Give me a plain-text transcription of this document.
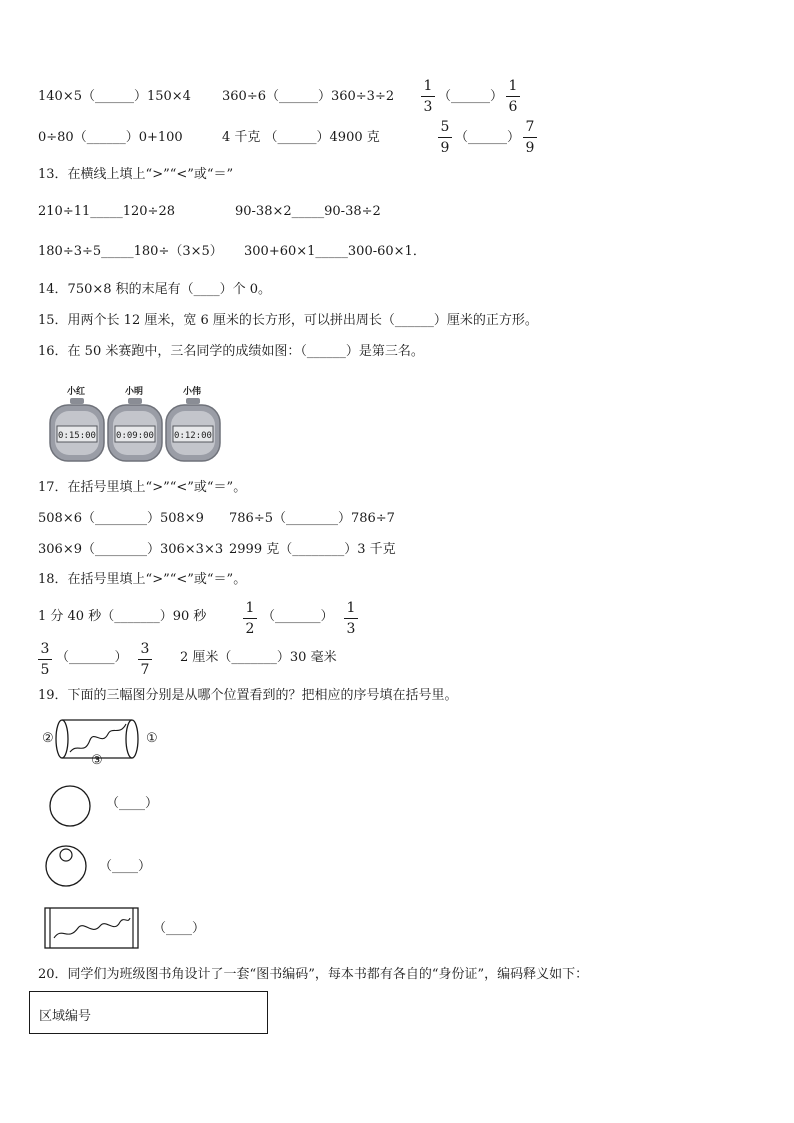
140×5（______）150×4 360÷6（______）360÷3÷2
1
3
（______）
1
6
0÷80（______）0+100	4 千克 （______）4900 克
5
9
（______）
7
9
13．在横线上填上“>”“<”或“＝”
210÷11_____120÷28	90-38×2_____90-38÷2
180÷3÷5_____180÷（3×5） 300+60×1_____300-60×1．
14．750×8 积的末尾有（____）个 0。
15．用两个长 12 厘米，宽 6 厘米的长方形，可以拼出周长（______）厘米的正方形。
16．在 50 米赛跑中，三名同学的成绩如图：（______）是第三名。
小红
0:15:00
小明
0:09:00
小伟
0:12:00
17．在括号里填上“>”“<”或“＝”。
508×6（________）508×9 786÷5（________）786÷7
306×9（________）306×3×3 2999 克（________）3 千克
18．在括号里填上“>”“<”或“＝”。
1 分 40 秒（_______）90 秒
1
2
（_______）
1
3
3
5
（_______）
3
7
2 厘米（_______）30 毫米
19．下面的三幅图分别是从哪个位置看到的？把相应的序号填在括号里。
②	①
③
（____）
（____）
（____）
20．同学们为班级图书角设计了一套“图书编码”，每本书都有各自的“身份证”，编码释义如下：
区域编号
